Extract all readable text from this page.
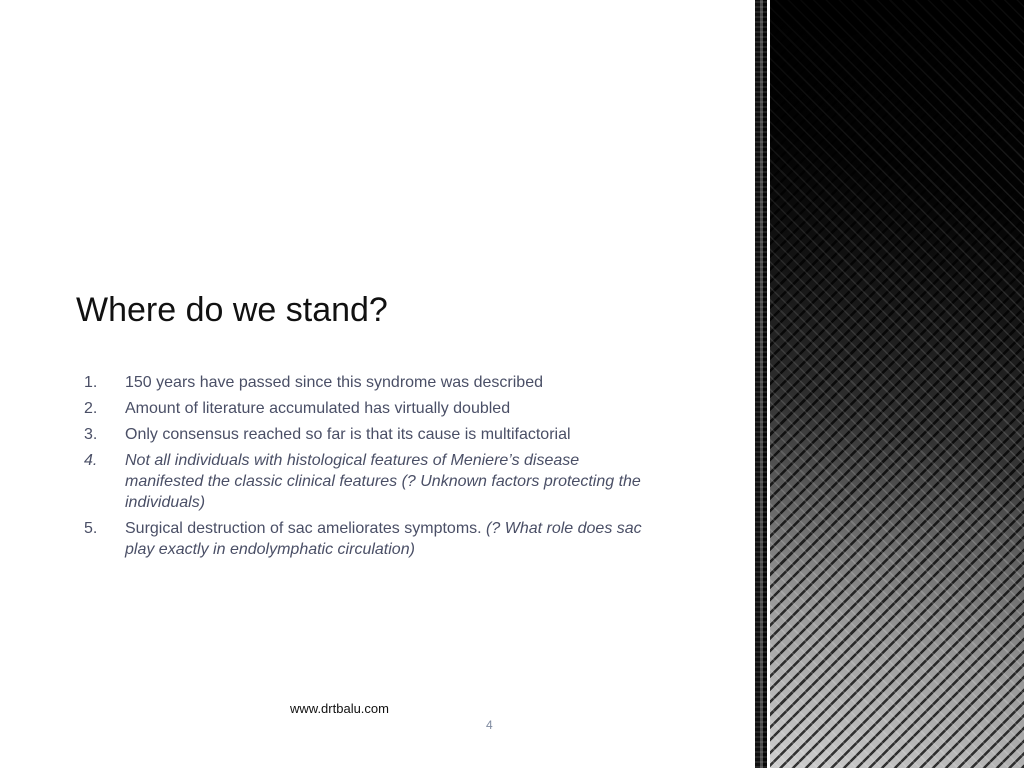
Where do we stand?
1.	150 years have passed since this syndrome was described
2.	Amount of literature accumulated has virtually doubled
3.	Only consensus reached so far is that its cause is multifactorial
4.	Not all individuals with histological features of Meniere’s disease manifested the classic clinical features (? Unknown factors protecting the individuals)
5.	Surgical destruction of sac ameliorates symptoms. (? What role does sac play exactly in endolymphatic circulation)
www.drtbalu.com
4
